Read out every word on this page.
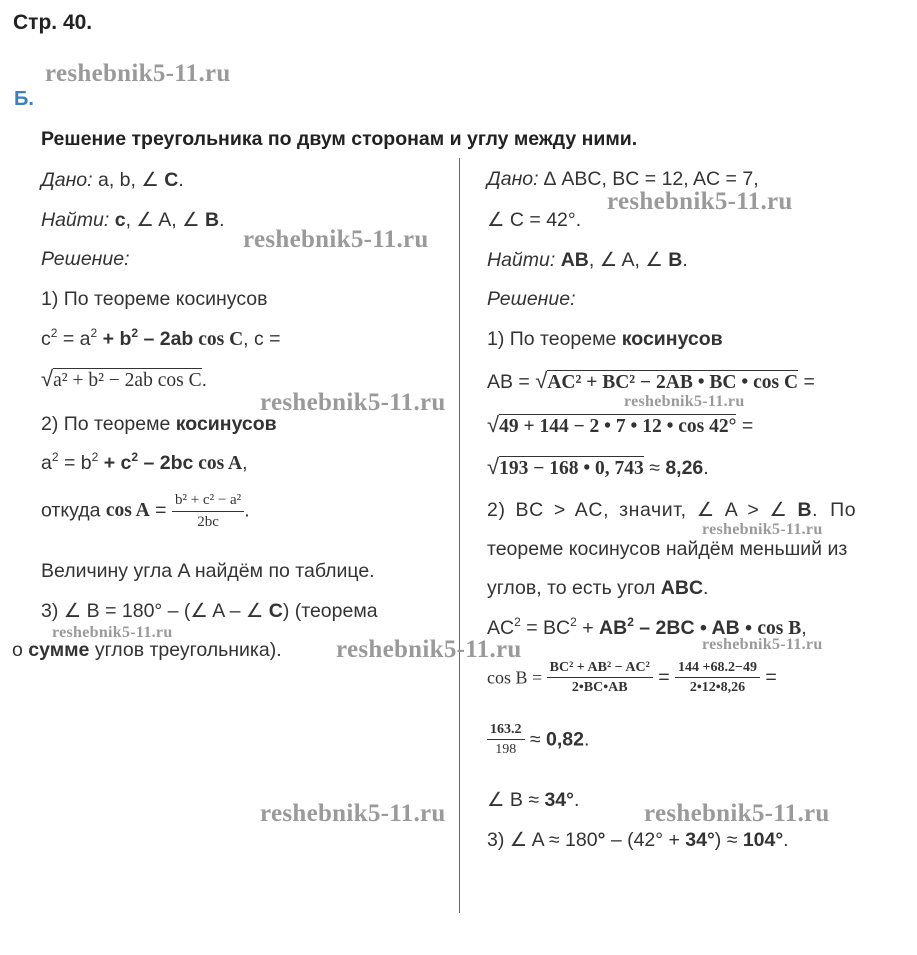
Стр. 40.
Б.
Решение треугольника по двум сторонам и углу между ними.
Дано: a, b, ∠ C.
Найти: c, ∠ A, ∠ B.
Решение:
1) По теореме косинусов
$c^2 = a^2 + b^2 - 2ab$ cos C, c =
√a² + b² − 2ab cos C.
2) По теореме косинусов
$a^2 = b^2 + c^2 - 2bc$ cos A,
откуда $\cos A = \frac{\text{b² + c² − a²}}{2bc}$ .
Величину угла A найдём по таблице.
3) ∠ B = 180° – (∠ A – ∠ C) (теорема
о сумме углов треугольника).
Дано: ∆ ABC, BC = 12, AC = 7,
∠ C = 42°.
Найти: AB, ∠ A, ∠ B.
Решение:
1) По теореме косинусов
AB = √AC² + BC² − 2AB • BC • cos C =
√49 + 144 − 2 • 7 • 12 • cos 42° =
√193 − 168 • 0, 743 ≈ 8,26.
2) BC > AC, значит, ∠ A > ∠ B. По
теореме косинусов найдём меньший из
углов, то есть угол ABC.
$AC^2 = BC^2 + AB^2 - 2BC$ • AB • cos B,
$\cos B = \frac{\text{BC² + AB² − AC²}}{2•BC•AB} = \frac{144 +68.2-49}{2•12•8,26}$ =
$\frac{163.2}{198} \approx 0,82$.
∠ B ≈ 34°.
3) ∠ A ≈ 180° – (42° + 34°) ≈ 104°.
reshebnik5-11.ru
reshebnik5-11.ru
reshebnik5-11.ru
reshebnik5-11.ru	reshebnik5-11.ru
reshebnik5-11.ru
reshebnik5-11.ru
reshebnik5-11.ru	reshebnik5-11.ru
reshebnik5-11.ru	reshebnik5-11.ru
